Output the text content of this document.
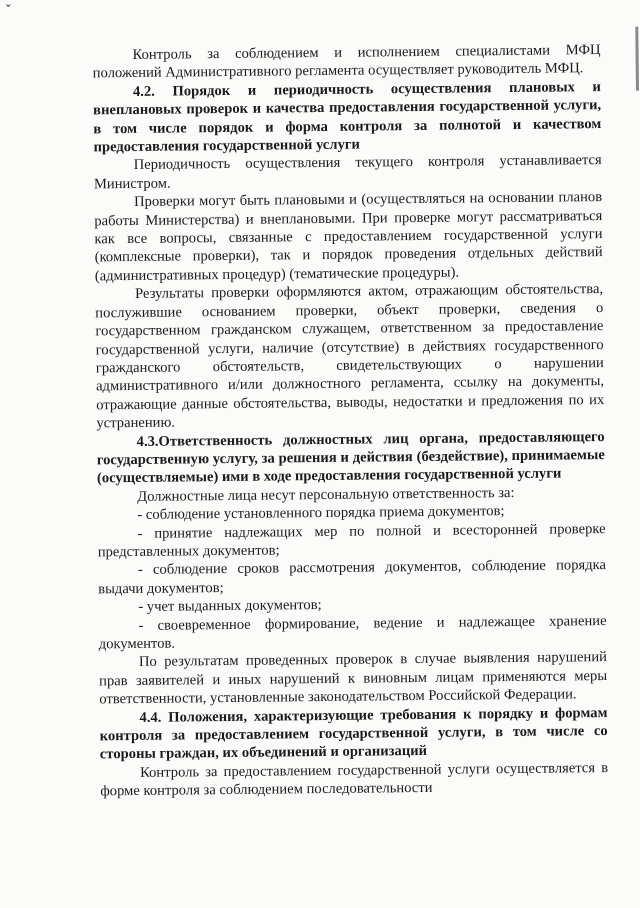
ˇ

Контроль за соблюдением и исполнением специалистами МФЦ положений Административного регламента осуществляет руководитель МФЦ.

4.2. Порядок и периодичность осуществления плановых и внеплановых проверок и качества предоставления государственной услуги, в том числе порядок и форма контроля за полнотой и качеством предоставления государственной услуги

Периодичность осуществления текущего контроля устанавливается Министром.

Проверки могут быть плановыми и (осуществляться на основании планов работы Министерства) и внеплановыми. При проверке могут рассматриваться как все вопросы, связанные с предоставлением государственной услуги (комплексные проверки), так и порядок проведения отдельных действий (административных процедур) (тематические процедуры).

Результаты проверки оформляются актом, отражающим обстоятельства, послужившие основанием проверки, объект проверки, сведения о государственном гражданском служащем, ответственном за предоставление государственной услуги, наличие (отсутствие) в действиях государственного гражданского обстоятельств, свидетельствующих о нарушении административного и/или должностного регламента, ссылку на документы, отражающие данные обстоятельства, выводы, недостатки и предложения по их устранению.

4.3.Ответственность должностных лиц органа, предоставляющего государственную услугу, за решения и действия (бездействие), принимаемые (осуществляемые) ими в ходе предоставления государственной услуги

Должностные лица несут персональную ответственность за:

- соблюдение установленного порядка приема документов;

- принятие надлежащих мер по полной и всесторонней проверке представленных документов;

- соблюдение сроков рассмотрения документов, соблюдение порядка выдачи документов;

- учет выданных документов;

- своевременное формирование, ведение и надлежащее хранение документов.

По результатам проведенных проверок в случае выявления нарушений прав заявителей и иных нарушений к виновным лицам применяются меры ответственности, установленные законодательством Российской Федерации.

4.4. Положения, характеризующие требования к порядку и формам контроля за предоставлением государственной услуги, в том числе со стороны граждан, их объединений и организаций

Контроль за предоставлением государственной услуги осуществляется в форме контроля за соблюдением последовательности
